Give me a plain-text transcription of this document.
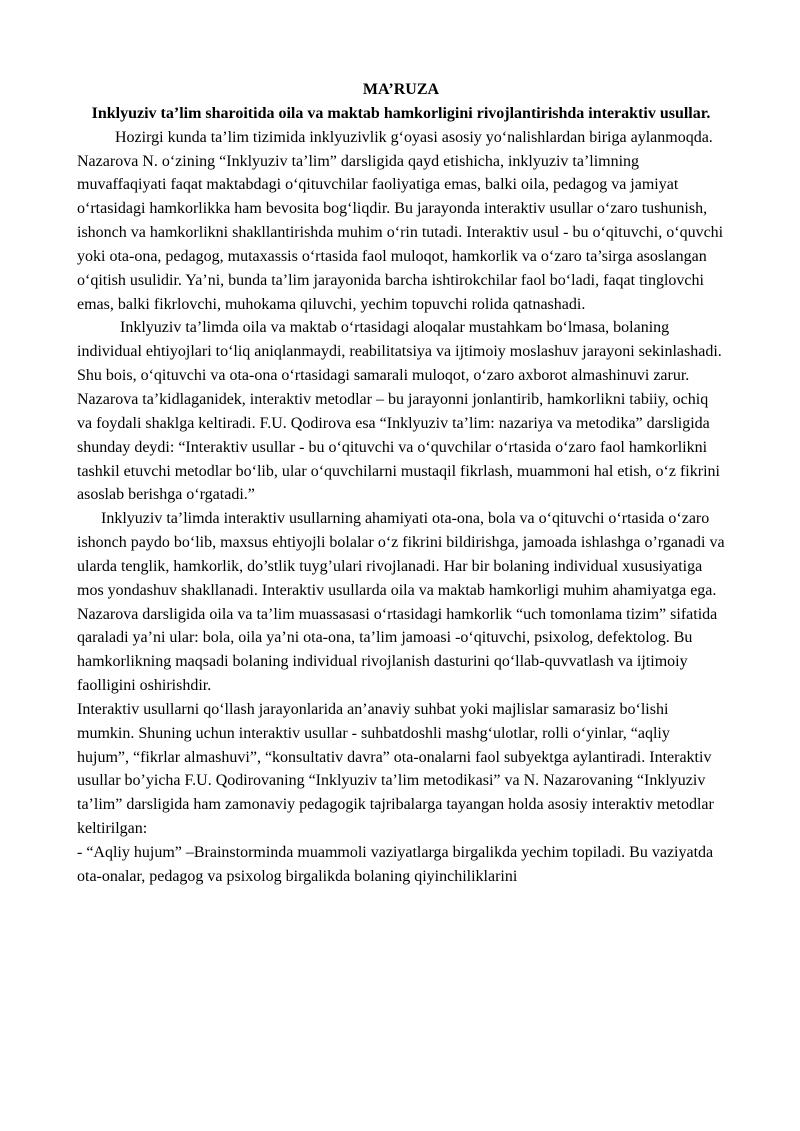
MA’RUZA
Inklyuziv ta’lim sharoitida oila va maktab hamkorligini rivojlantirishda interaktiv usullar.

Hozirgi kunda ta’lim tizimida inklyuzivlik g‘oyasi asosiy yo‘nalishlardan biriga aylanmoqda. Nazarova N. o‘zining “Inklyuziv ta’lim” darsligida qayd etishicha, inklyuziv ta’limning muvaffaqiyati faqat maktabdagi o‘qituvchilar faoliyatiga emas, balki oila, pedagog va jamiyat o‘rtasidagi hamkorlikka ham bevosita bog‘liqdir. Bu jarayonda interaktiv usullar o‘zaro tushunish, ishonch va hamkorlikni shakllantirishda muhim o‘rin tutadi. Interaktiv usul - bu o‘qituvchi, o‘quvchi yoki ota-ona, pedagog, mutaxassis o‘rtasida faol muloqot, hamkorlik va o‘zaro ta’sirga asoslangan o‘qitish usulidir. Ya’ni, bunda ta’lim jarayonida barcha ishtirokchilar faol bo‘ladi, faqat tinglovchi emas, balki fikrlovchi, muhokama qiluvchi, yechim topuvchi rolida qatnashadi.

Inklyuziv ta’limda oila va maktab o‘rtasidagi aloqalar mustahkam bo‘lmasa, bolaning individual ehtiyojlari to‘liq aniqlanmaydi, reabilitatsiya va ijtimoiy moslashuv jarayoni sekinlashadi. Shu bois, o‘qituvchi va ota-ona o‘rtasidagi samarali muloqot, o‘zaro axborot almashinuvi zarur. Nazarova ta’kidlaganidek, interaktiv metodlar – bu jarayonni jonlantirib, hamkorlikni tabiiy, ochiq va foydali shaklga keltiradi. F.U. Qodirova esa “Inklyuziv ta’lim: nazariya va metodika” darsligida shunday deydi: “Interaktiv usullar - bu o‘qituvchi va o‘quvchilar o‘rtasida o‘zaro faol hamkorlikni tashkil etuvchi metodlar bo‘lib, ular o‘quvchilarni mustaqil fikrlash, muammoni hal etish, o‘z fikrini asoslab berishga o‘rgatadi.”

Inklyuziv ta’limda interaktiv usullarning ahamiyati ota-ona, bola va o‘qituvchi o‘rtasida o‘zaro ishonch paydo bo‘lib, maxsus ehtiyojli bolalar o‘z fikrini bildirishga, jamoada ishlashga o’rganadi va ularda tenglik, hamkorlik, do’stlik tuyg’ulari rivojlanadi. Har bir bolaning individual xususiyatiga mos yondashuv shakllanadi. Interaktiv usullarda oila va maktab hamkorligi muhim ahamiyatga ega. Nazarova darsligida oila va ta’lim muassasasi o‘rtasidagi hamkorlik “uch tomonlama tizim” sifatida qaraladi ya’ni ular: bola, oila ya’ni ota-ona, ta’lim jamoasi -o‘qituvchi, psixolog, defektolog. Bu hamkorlikning maqsadi bolaning individual rivojlanish dasturini qo‘llab-quvvatlash va ijtimoiy faolligini oshirishdir.

Interaktiv usullarni qo‘llash jarayonlarida an’anaviy suhbat yoki majlislar samarasiz bo‘lishi mumkin. Shuning uchun interaktiv usullar - suhbatdoshli mashg‘ulotlar, rolli o‘yinlar, “aqliy hujum”, “fikrlar almashuvi”, “konsultativ davra” ota-onalarni faol subyektga aylantiradi. Interaktiv usullar bo’yicha F.U. Qodirovaning “Inklyuziv ta’lim metodikasi” va N. Nazarovaning “Inklyuziv ta’lim” darsligida ham zamonaviy pedagogik tajribalarga tayangan holda asosiy interaktiv metodlar keltirilgan:

- “Aqliy hujum” –Brainstorminda muammoli vaziyatlarga birgalikda yechim topiladi. Bu vaziyatda ota-onalar, pedagog va psixolog birgalikda bolaning qiyinchiliklarini
